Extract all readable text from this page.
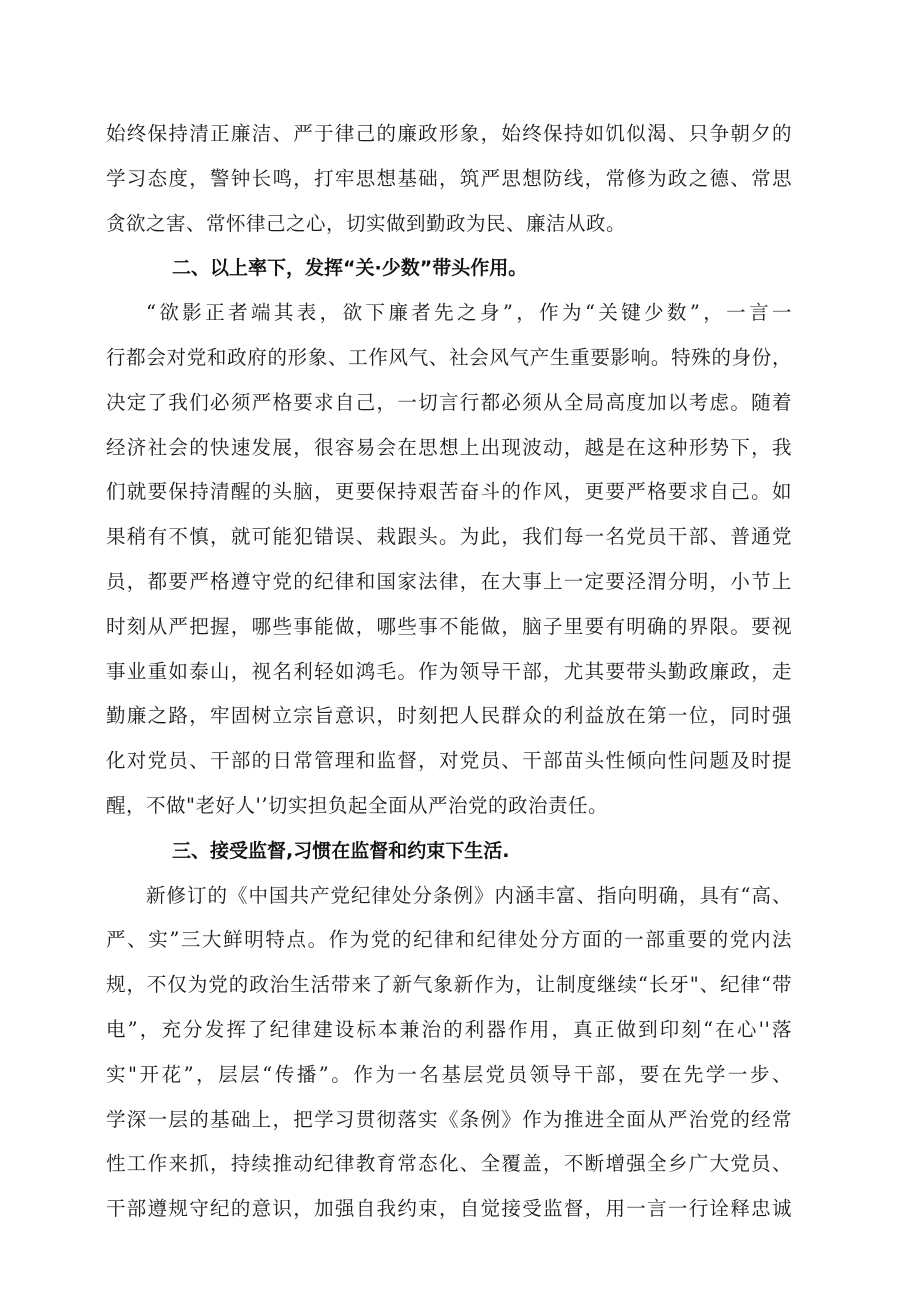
始终保持清正廉洁、严于律己的廉政形象，始终保持如饥似渴、只争朝夕的
学习态度，警钟长鸣，打牢思想基础，筑严思想防线，常修为政之德、常思
贪欲之害、常怀律己之心，切实做到勤政为民、廉洁从政。
二、以上率下，发挥“关·少数”带头作用。
“欲影正者端其表，欲下廉者先之身”，作为“关键少数”，一言一
行都会对党和政府的形象、工作风气、社会风气产生重要影响。特殊的身份，
决定了我们必须严格要求自己，一切言行都必须从全局高度加以考虑。随着
经济社会的快速发展，很容易会在思想上出现波动，越是在这种形势下，我
们就要保持清醒的头脑，更要保持艰苦奋斗的作风，更要严格要求自己。如
果稍有不慎，就可能犯错误、栽跟头。为此，我们每一名党员干部、普通党
员，都要严格遵守党的纪律和国家法律，在大事上一定要泾渭分明，小节上
时刻从严把握，哪些事能做，哪些事不能做，脑子里要有明确的界限。要视
事业重如泰山，视名利轻如鸿毛。作为领导干部，尤其要带头勤政廉政，走
勤廉之路，牢固树立宗旨意识，时刻把人民群众的利益放在第一位，同时强
化对党员、干部的日常管理和监督，对党员、干部苗头性倾向性问题及时提
醒，不做"老好人'’切实担负起全面从严治党的政治责任。
三、接受监督,习惯在监督和约束下生活.
新修订的《中国共产党纪律处分条例》内涵丰富、指向明确，具有“高、
严、实”三大鲜明特点。作为党的纪律和纪律处分方面的一部重要的党内法
规，不仅为党的政治生活带来了新气象新作为，让制度继续“长牙"、纪律“带
电”，充分发挥了纪律建设标本兼治的利器作用，真正做到印刻“在心''落
实"开花”，层层“传播”。作为一名基层党员领导干部，要在先学一步、
学深一层的基础上，把学习贯彻落实《条例》作为推进全面从严治党的经常
性工作来抓，持续推动纪律教育常态化、全覆盖，不断增强全乡广大党员、
干部遵规守纪的意识，加强自我约束，自觉接受监督，用一言一行诠释忠诚
